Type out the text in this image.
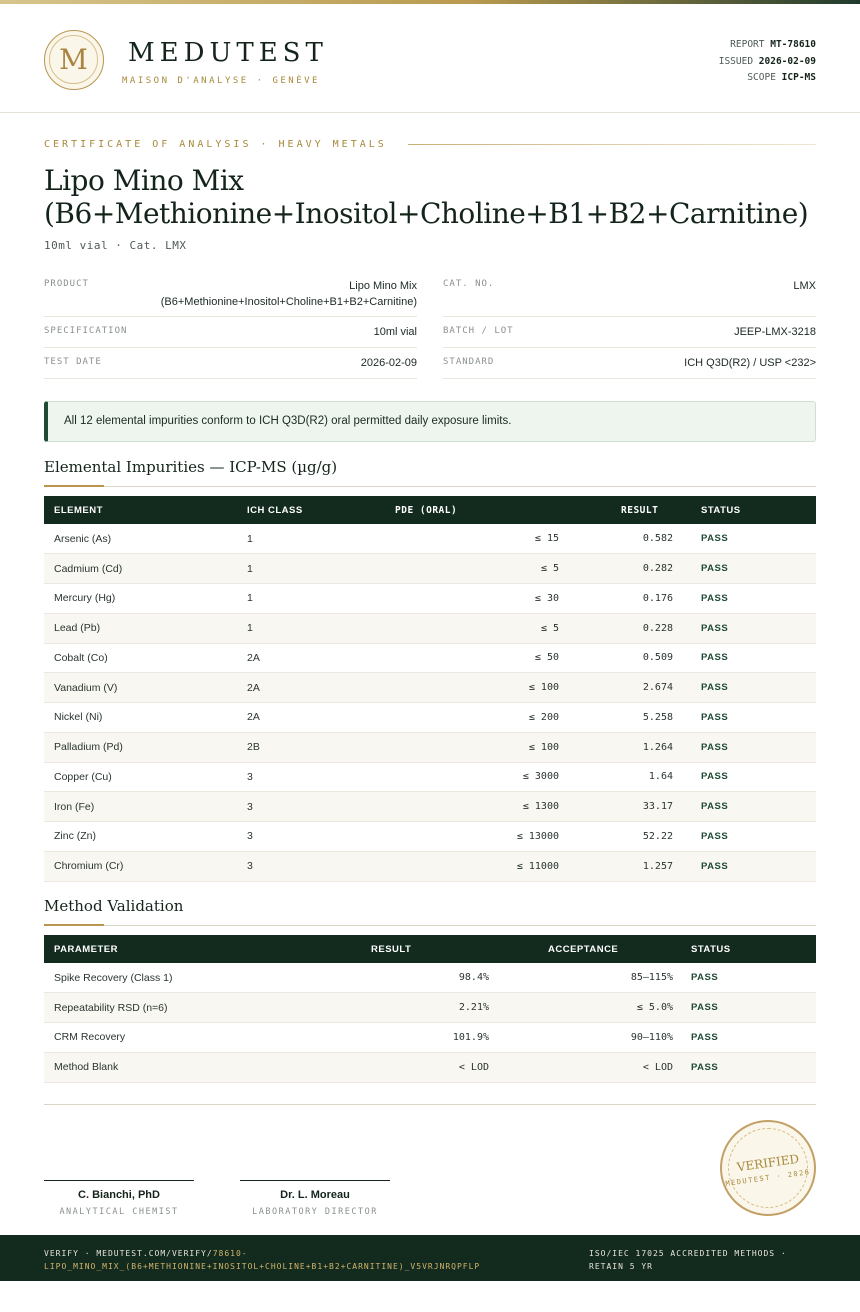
M	MEDUTEST
MAISON D'ANALYSE · GENÈVE
REPORT MT-78610
ISSUED 2026-02-09
SCOPE ICP-MS
CERTIFICATE OF ANALYSIS · HEAVY METALS
Lipo Mino Mix
(B6+Methionine+Inositol+Choline+B1+B2+Carnitine)
10ml vial · Cat. LMX
PRODUCT	Lipo Mino Mix
(B6+Methionine+Inositol+Choline+B1+B2+Carnitine)
SPECIFICATION	10ml vial
TEST DATE	2026-02-09
CAT. NO.	LMX
BATCH / LOT	JEEP-LMX-3218
STANDARD	ICH Q3D(R2) / USP <232>
All 12 elemental impurities conform to ICH Q3D(R2) oral permitted daily exposure limits.
Elemental Impurities — ICP-MS (µg/g)
ELEMENT	ICH CLASS	PDE (ORAL)	RESULT	STATUS
Arsenic (As)	1	≤ 15	0.582	PASS
Cadmium (Cd)	1	≤ 5	0.282	PASS
Mercury (Hg)	1	≤ 30	0.176	PASS
Lead (Pb)	1	≤ 5	0.228	PASS
Cobalt (Co)	2A	≤ 50	0.509	PASS
Vanadium (V)	2A	≤ 100	2.674	PASS
Nickel (Ni)	2A	≤ 200	5.258	PASS
Palladium (Pd)	2B	≤ 100	1.264	PASS
Copper (Cu)	3	≤ 3000	1.64	PASS
Iron (Fe)	3	≤ 1300	33.17	PASS
Zinc (Zn)	3	≤ 13000	52.22	PASS
Chromium (Cr)	3	≤ 11000	1.257	PASS
Method Validation
PARAMETER	RESULT	ACCEPTANCE	STATUS
Spike Recovery (Class 1)	98.4%	85–115%	PASS
Repeatability RSD (n=6)	2.21%	≤ 5.0%	PASS
CRM Recovery	101.9%	90–110%	PASS
Method Blank	< LOD	< LOD	PASS
C. Bianchi, PhD
ANALYTICAL CHEMIST
Dr. L. Moreau
LABORATORY DIRECTOR
VERIFIED
MEDUTEST · 2026
VERIFY · MEDUTEST.COM/VERIFY/78610-
LIPO_MINO_MIX_(B6+METHIONINE+INOSITOL+CHOLINE+B1+B2+CARNITINE)_V5VRJNRQPFLP
ISO/IEC 17025 ACCREDITED METHODS · RETAIN 5 YR
